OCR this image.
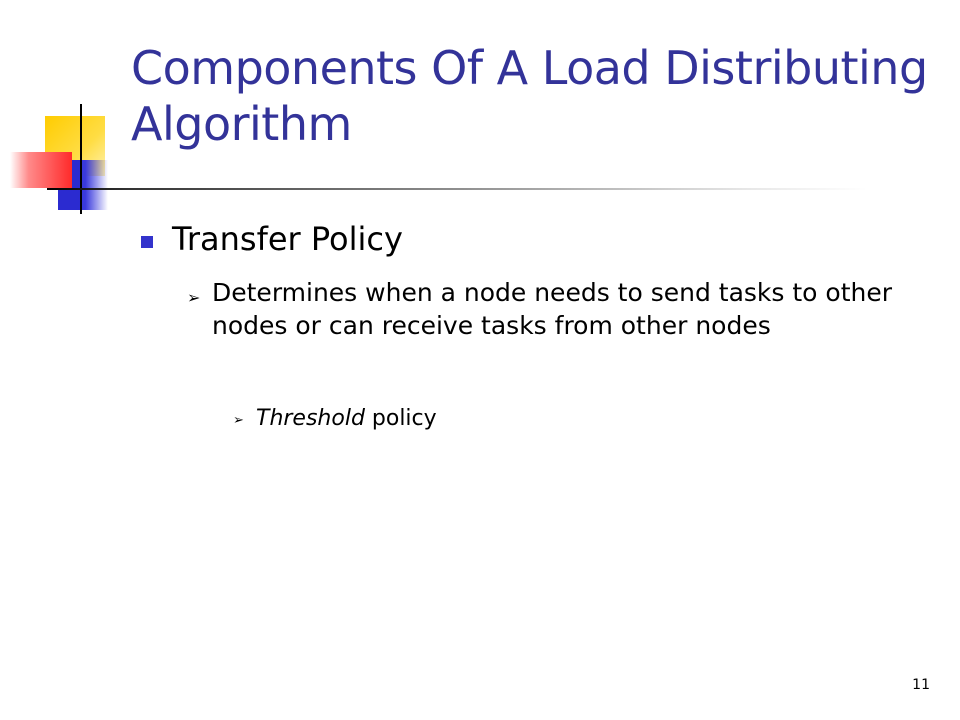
Components Of A Load Distributing Algorithm

Transfer Policy

➢ Determines when a node needs to send tasks to other nodes or can receive tasks from other nodes

➢ Threshold policy

11
